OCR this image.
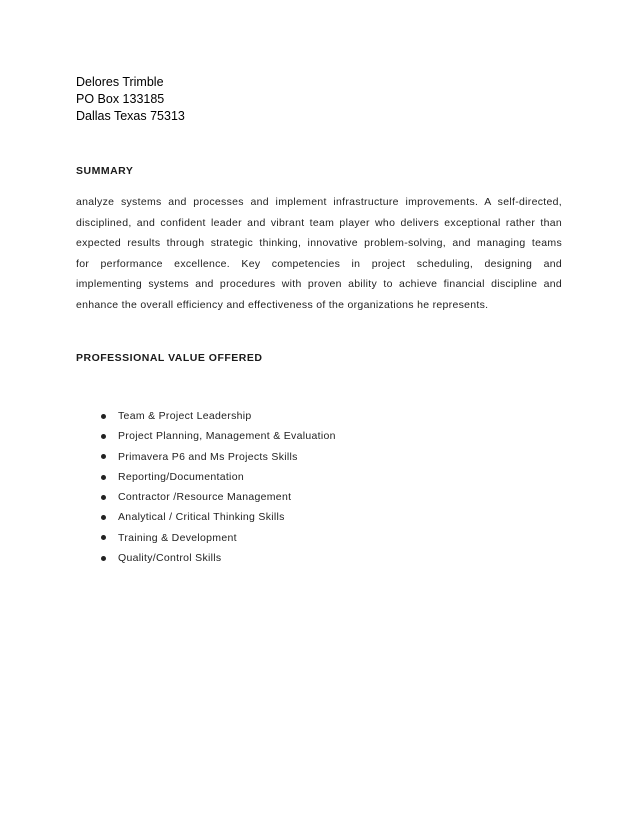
Delores Trimble
PO Box 133185
Dallas Texas 75313
SUMMARY
analyze systems and processes and implement infrastructure improvements. A self-directed,
disciplined, and confident leader and vibrant team player who delivers exceptional rather than
expected results through strategic thinking, innovative problem-solving, and managing teams
for performance excellence. Key competencies in project scheduling, designing and
implementing systems and procedures with proven ability to achieve financial discipline and
enhance the overall efficiency and effectiveness of the organizations he represents.
PROFESSIONAL VALUE OFFERED
Team & Project Leadership
Project Planning, Management & Evaluation
Primavera P6 and Ms Projects Skills
Reporting/Documentation
Contractor /Resource Management
Analytical / Critical Thinking Skills
Training & Development
Quality/Control Skills
